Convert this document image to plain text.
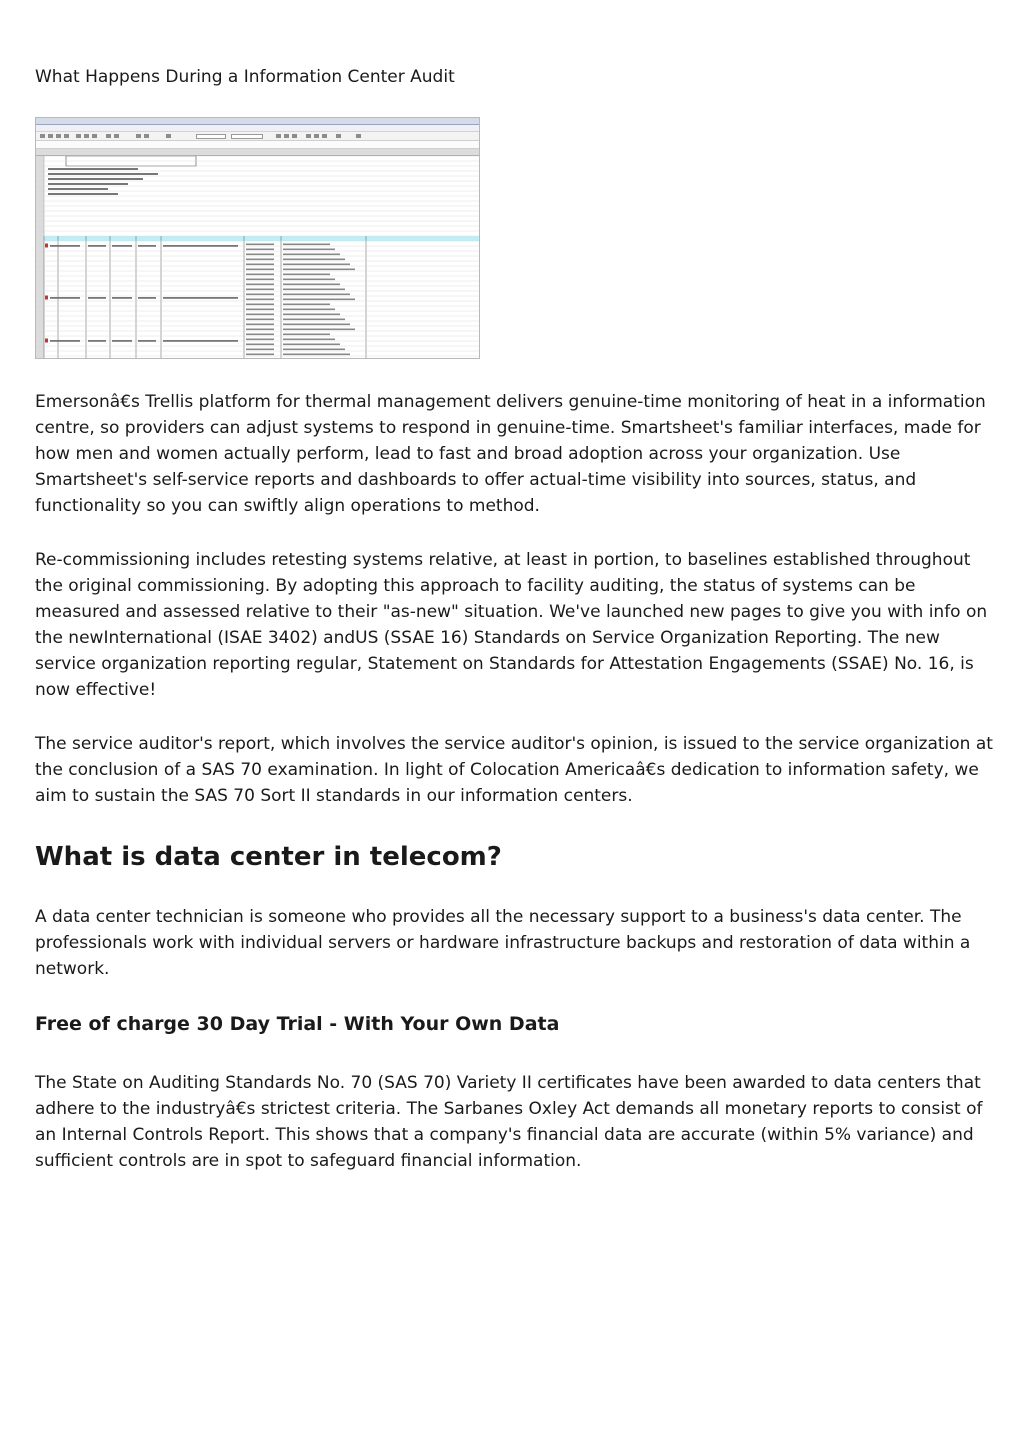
What Happens During a Information Center Audit

Emersonâ€s Trellis platform for thermal management delivers genuine-time monitoring of heat in a information centre, so providers can adjust systems to respond in genuine-time. Smartsheet's familiar interfaces, made for how men and women actually perform, lead to fast and broad adoption across your organization. Use Smartsheet's self-service reports and dashboards to offer actual-time visibility into sources, status, and functionality so you can swiftly align operations to method.

Re-commissioning includes retesting systems relative, at least in portion, to baselines established throughout the original commissioning. By adopting this approach to facility auditing, the status of systems can be measured and assessed relative to their "as-new" situation. We've launched new pages to give you with info on the newInternational (ISAE 3402) andUS (SSAE 16) Standards on Service Organization Reporting. The new service organization reporting regular, Statement on Standards for Attestation Engagements (SSAE) No. 16, is now effective!

The service auditor's report, which involves the service auditor's opinion, is issued to the service organization at the conclusion of a SAS 70 examination. In light of Colocation Americaâ€s dedication to information safety, we aim to sustain the SAS 70 Sort II standards in our information centers.

What is data center in telecom?

A data center technician is someone who provides all the necessary support to a business's data center. The professionals work with individual servers or hardware infrastructure backups and restoration of data within a network.

Free of charge 30 Day Trial - With Your Own Data

The State on Auditing Standards No. 70 (SAS 70) Variety II certificates have been awarded to data centers that adhere to the industryâ€s strictest criteria. The Sarbanes Oxley Act demands all monetary reports to consist of an Internal Controls Report. This shows that a company's financial data are accurate (within 5% variance) and sufficient controls are in spot to safeguard financial information.
